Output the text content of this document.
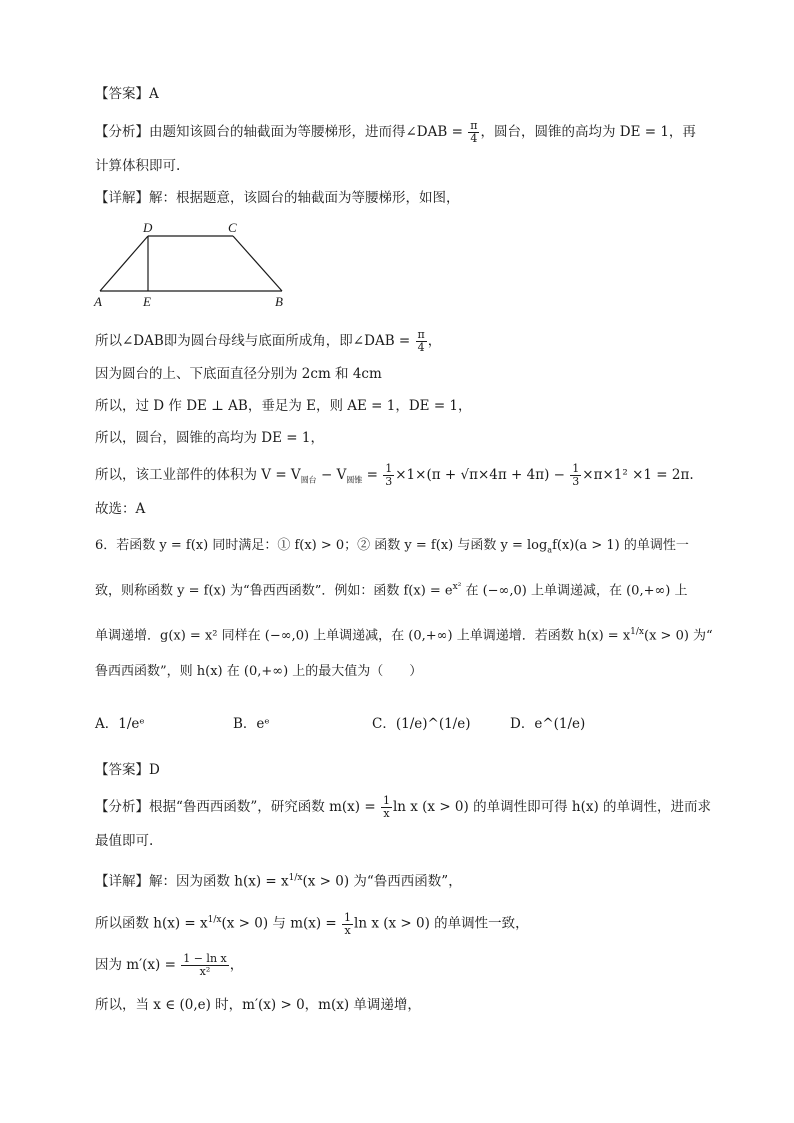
【答案】A
【分析】由题知该圆台的轴截面为等腰梯形，进而得∠DAB = $\frac{\pi}{4}$ ，圆台，圆锥的高均为 DE = 1，再
计算体积即可.
【详解】解：根据题意，该圆台的轴截面为等腰梯形，如图，
D	C
A	E	B
所以∠DAB即为圆台母线与底面所成角，即∠DAB = $\frac{\pi}{4}$ ，
因为圆台的上、下底面直径分别为 2cm 和 4cm
所以，过 D 作 DE ⊥ AB，垂足为 E，则 AE = 1，DE = 1，
所以，圆台，圆锥的高均为 DE = 1，
所以，该工业部件的体积为 $V = V_{圆台} - V_{圆锥} = \frac{1}{3} \times 1\times(\pi + √\pi\times 4\pi + 4\pi) - \frac{1}{3} \times\pi\times 1^2 \times 1 = 2\pi$.
故选：A
6．若函数 y = f(x) 同时满足：① f(x) > 0；② 函数 y = f(x) 与函数 $y = \log_af(x)(a > 1)$ 的单调性一
致，则称函数 y = f(x) 为“鲁西西函数”．例如：函数 $f(x) = e^{x^2}$ 在 (−∞,0) 上单调递减，在 (0,+∞) 上
单调递增．g(x) = x² 同样在 (−∞,0) 上单调递减，在 (0,+∞) 上单调递增．若函数 $h(x) = x^{1/x}(x > 0)$ 为“
鲁西西函数”，则 h(x) 在 (0,+∞) 上的最大值为（　　）
A．1/eᵉ	B．eᵉ	C．(1/e)^(1/e)	D．e^(1/e)
【答案】D
【分析】根据“鲁西西函数”，研究函数 $m(x) = \frac{1}{x}$ ln x (x > 0) 的单调性即可得 h(x) 的单调性，进而求
最值即可.
【详解】解：因为函数 $h(x) = x^{1/x}(x > 0)$ 为“鲁西西函数”，
所以函数 $h(x) = x^{1/x}(x > 0)$ 与 $m(x) = \frac{1}{x}$ ln x (x > 0) 的单调性一致，
因为 $m'(x) = \frac{\text{1 − ln x}}{\text{x²}}$ ，
所以，当 x ∈ (0,e) 时，m′(x) > 0，m(x) 单调递增，
